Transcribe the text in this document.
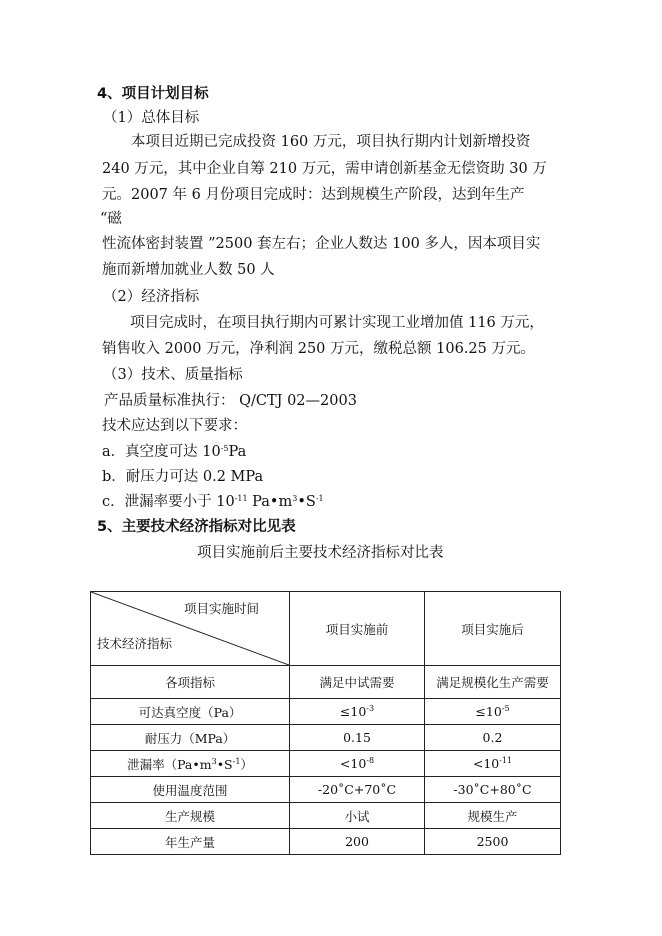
4、项目计划目标
（1）总体目标
本项目近期已完成投资 160 万元，项目执行期内计划新增投资
240 万元，其中企业自筹 210 万元，需申请创新基金无偿资助 30 万
元。2007 年 6 月份项目完成时：达到规模生产阶段，达到年生产
“磁
性流体密封装置 ”2500 套左右；企业人数达 100 多人，因本项目实
施而新增加就业人数 50 人
（2）经济指标
项目完成时，在项目执行期内可累计实现工业增加值 116 万元，
销售收入 2000 万元，净利润 250 万元，缴税总额 106.25 万元。
（3）技术、质量指标
产品质量标准执行： Q/CTJ 02—2003
技术应达到以下要求：
a．真空度可达 $10^{-5}Pa$
b．耐压力可达 0.2 MPa
c．泄漏率要小于 $10^{-11}$ $Pa•m^3•S^{-1}$
5、主要技术经济指标对比见表
项目实施前后主要技术经济指标对比表
项目实施时间
技术经济指标	项目实施前	项目实施后
各项指标	满足中试需要	满足规模化生产需要
可达真空度（Pa）	$\le 10^{-3}$	$\le 10^{-5}$
耐压力（MPa）	0.15	0.2
泄漏率$(Pa•m^3•S^{-1})$	$<10^{-8}$	$<10^{-11}$
使用温度范围	-20˚C+70˚C	-30˚C+80˚C
生产规模	小试	规模生产
年生产量	200	2500
